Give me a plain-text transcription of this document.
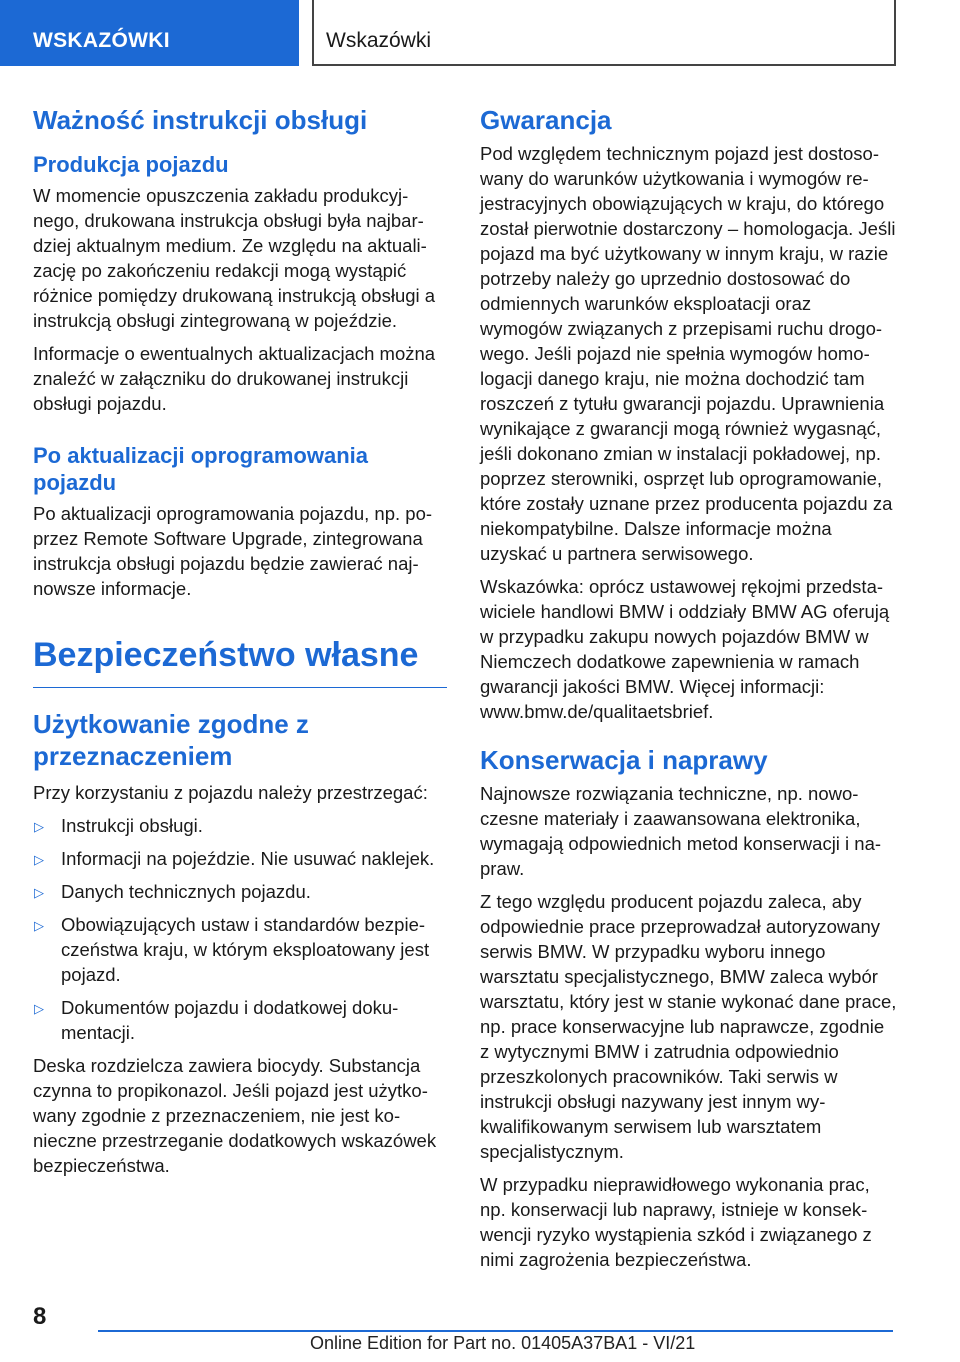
WSKAZÓWKI	Wskazówki
Ważność instrukcji obsługi
Produkcja pojazdu

W momencie opuszczenia zakładu produkcyjnego, drukowana instrukcja obsługi była najbardziej aktualnym medium. Ze względu na aktualizację po zakończeniu redakcji mogą wystąpić różnice pomiędzy drukowaną instrukcją obsługi a instrukcją obsługi zintegrowaną w pojeździe.

Informacje o ewentualnych aktualizacjach można znaleźć w załączniku do drukowanej instrukcji obsługi pojazdu.

Po aktualizacji oprogramowania pojazdu

Po aktualizacji oprogramowania pojazdu, np. poprzez Remote Software Upgrade, zintegrowana instrukcja obsługi pojazdu będzie zawierać najnowsze informacje.

Bezpieczeństwo własne
Użytkowanie zgodne z przeznaczeniem

Przy korzystaniu z pojazdu należy przestrzegać:

▷ Instrukcji obsługi.
▷ Informacji na pojeździe. Nie usuwać naklejek.
▷ Danych technicznych pojazdu.
▷ Obowiązujących ustaw i standardów bezpieczeństwa kraju, w którym eksploatowany jest pojazd.
▷ Dokumentów pojazdu i dodatkowej dokumentacji.

Deska rozdzielcza zawiera biocydy. Substancja czynna to propikonazol. Jeśli pojazd jest użytkowany zgodnie z przeznaczeniem, nie jest konieczne przestrzeganie dodatkowych wskazówek bezpieczeństwa.

Gwarancja

Pod względem technicznym pojazd jest dostosowany do warunków użytkowania i wymogów rejestracyjnych obowiązujących w kraju, do którego został pierwotnie dostarczony – homologacja. Jeśli pojazd ma być użytkowany w innym kraju, w razie potrzeby należy go uprzednio dostosować do odmiennych warunków eksploatacji oraz wymogów związanych z przepisami ruchu drogowego. Jeśli pojazd nie spełnia wymogów homologacji danego kraju, nie można dochodzić tam roszczeń z tytułu gwarancji pojazdu. Uprawnienia wynikające z gwarancji mogą również wygasnąć, jeśli dokonano zmian w instalacji pokładowej, np. poprzez sterowniki, osprzęt lub oprogramowanie, które zostały uznane przez producenta pojazdu za niekompatybilne. Dalsze informacje można uzyskać u partnera serwisowego.

Wskazówka: oprócz ustawowej rękojmi przedstawiciele handlowi BMW i oddziały BMW AG oferują w przypadku zakupu nowych pojazdów BMW w Niemczech dodatkowe zapewnienia w ramach gwarancji jakości BMW. Więcej informacji: www.bmw.de/qualitaetsbrief.

Konserwacja i naprawy

Najnowsze rozwiązania techniczne, np. nowoczesne materiały i zaawansowana elektronika, wymagają odpowiednich metod konserwacji i napraw.

Z tego względu producent pojazdu zaleca, aby odpowiednie prace przeprowadzał autoryzowany serwis BMW. W przypadku wyboru innego warsztatu specjalistycznego, BMW zaleca wybór warsztatu, który jest w stanie wykonać dane prace, np. prace konserwacyjne lub naprawcze, zgodnie z wytycznymi BMW i zatrudnia odpowiednio przeszkolonych pracowników. Taki serwis w instrukcji obsługi nazywany jest innym wykwalifikowanym serwisem lub warsztatem specjalistycznym.

W przypadku nieprawidłowego wykonania prac, np. konserwacji lub naprawy, istnieje w konsekwencji ryzyko wystąpienia szkód i związanego z nimi zagrożenia bezpieczeństwa.

8
Online Edition for Part no. 01405A37BA1 - VI/21
